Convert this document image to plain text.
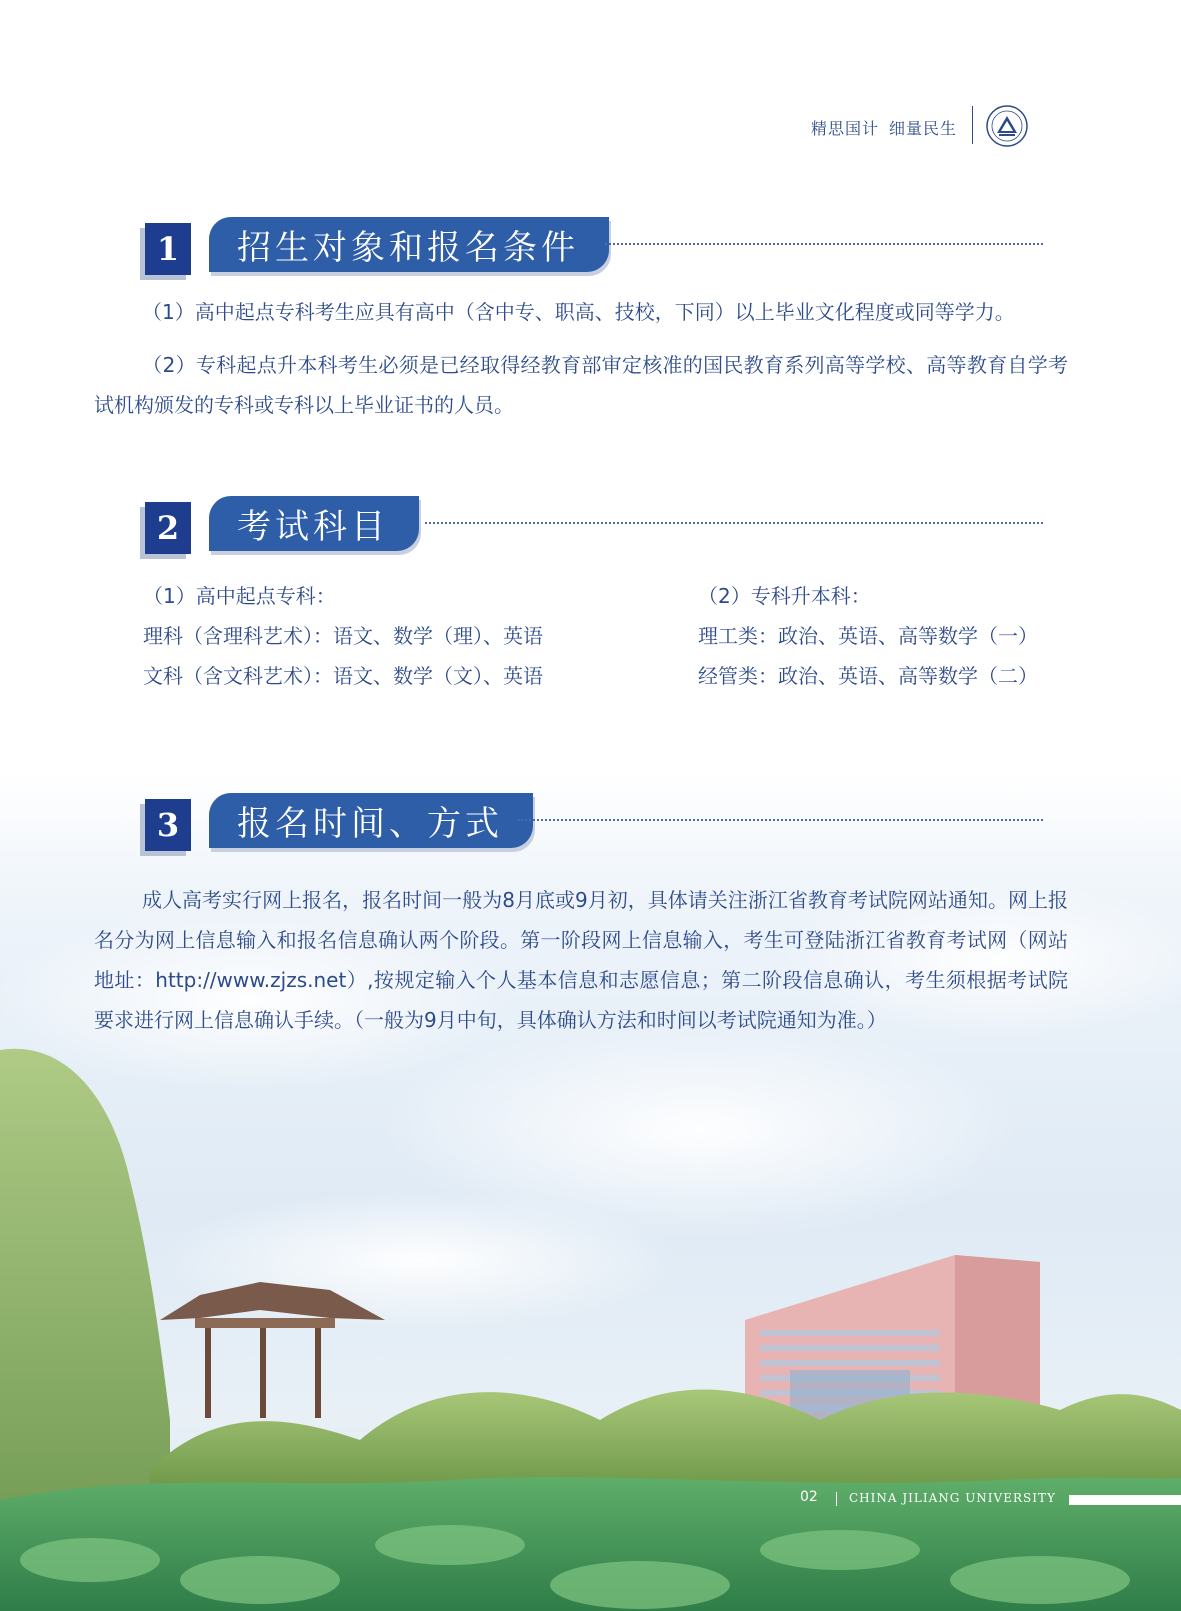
精思国计 细量民生
1	招生对象和报名条件

（1）高中起点专科考生应具有高中（含中专、职高、技校，下同）以上毕业文化程度或同等学力。

（2）专科起点升本科考生必须是已经取得经教育部审定核准的国民教育系列高等学校、高等教育自学考试机构颁发的专科或专科以上毕业证书的人员。

2	考试科目
（1）高中起点专科：
理科（含理科艺术）：语文、数学（理）、英语
文科（含文科艺术）：语文、数学（文）、英语
（2）专科升本科：
理工类：政治、英语、高等数学（一）
经管类：政治、英语、高等数学（二）
3	报名时间、方式

成人高考实行网上报名，报名时间一般为8月底或9月初，具体请关注浙江省教育考试院网站通知。网上报名分为网上信息输入和报名信息确认两个阶段。第一阶段网上信息输入，考生可登陆浙江省教育考试网（网站地址：http://www.zjzs.net）,按规定输入个人基本信息和志愿信息；第二阶段信息确认，考生须根据考试院要求进行网上信息确认手续。（一般为9月中旬，具体确认方法和时间以考试院通知为准。）

02	CHINA JILIANG UNIVERSITY
